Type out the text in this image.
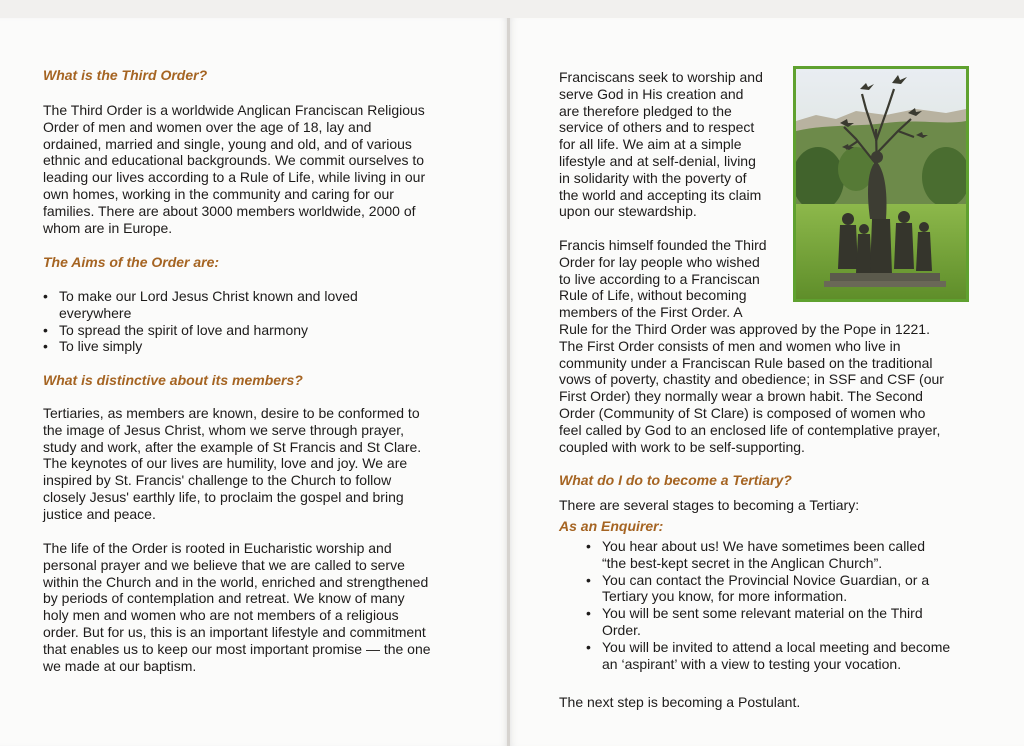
What is the Third Order?
The Third Order is a worldwide Anglican Franciscan Religious
Order of men and women over the age of 18, lay and
ordained, married and single, young and old, and of various
ethnic and educational backgrounds. We commit ourselves to
leading our lives according to a Rule of Life, while living in our
own homes, working in the community and caring for our
families. There are about 3000 members worldwide, 2000 of
whom are in Europe.
The Aims of the Order are:
• To make our Lord Jesus Christ known and loved everywhere
• To spread the spirit of love and harmony
• To live simply
What is distinctive about its members?
Tertiaries, as members are known, desire to be conformed to
the image of Jesus Christ, whom we serve through prayer,
study and work, after the example of St Francis and St Clare.
The keynotes of our lives are humility, love and joy. We are
inspired by St. Francis' challenge to the Church to follow
closely Jesus' earthly life, to proclaim the gospel and bring
justice and peace.
The life of the Order is rooted in Eucharistic worship and
personal prayer and we believe that we are called to serve
within the Church and in the world, enriched and strengthened
by periods of contemplation and retreat. We know of many
holy men and women who are not members of a religious
order. But for us, this is an important lifestyle and commitment
that enables us to keep our most important promise — the one
we made at our baptism.
Franciscans seek to worship and
serve God in His creation and
are therefore pledged to the
service of others and to respect
for all life. We aim at a simple
lifestyle and at self-denial, living
in solidarity with the poverty of
the world and accepting its claim
upon our stewardship.
Francis himself founded the Third
Order for lay people who wished
to live according to a Franciscan
Rule of Life, without becoming
members of the First Order. A
Rule for the Third Order was approved by the Pope in 1221.
The First Order consists of men and women who live in
community under a Franciscan Rule based on the traditional
vows of poverty, chastity and obedience; in SSF and CSF (our
First Order) they normally wear a brown habit. The Second
Order (Community of St Clare) is composed of women who
feel called by God to an enclosed life of contemplative prayer,
coupled with work to be self-supporting.
What do I do to become a Tertiary?
There are several stages to becoming a Tertiary:
As an Enquirer:
• You hear about us! We have sometimes been called “the best-kept secret in the Anglican Church”.
• You can contact the Provincial Novice Guardian, or a Tertiary you know, for more information.
• You will be sent some relevant material on the Third Order.
• You will be invited to attend a local meeting and become an ‘aspirant’ with a view to testing your vocation.
The next step is becoming a Postulant.
